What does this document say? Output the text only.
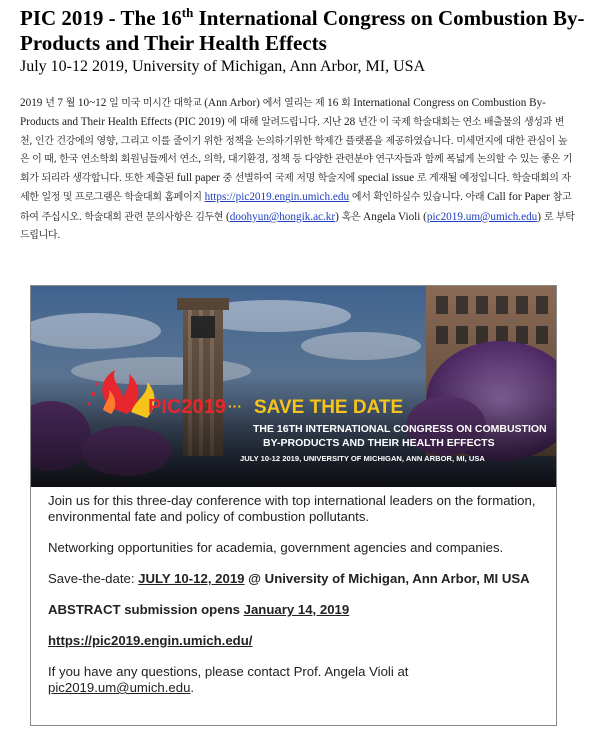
PIC 2019 - The 16th International Congress on Combustion By-Products and Their Health Effects
July 10-12 2019, University of Michigan, Ann Arbor, MI, USA
2019 년 7 월 10~12 일 미국 미시간 대학교 (Ann Arbor) 에서 열리는 제 16 회 International Congress on Combustion By-Products and Their Health Effects (PIC 2019) 에 대해 알려드립니다. 지난 28 년간 이 국제 학술대회는 연소 배출물의 생성과 변천, 인간 건강에의 영향, 그리고 이를 줄이기 위한 정책을 논의하기위한 학제간 플랫폼을 제공하였습니다. 미세먼지에 대한 관심이 높은 이 때, 한국 연소학회 회원님들께서 연소, 의학, 대기환경, 정책 등 다양한 관련분야 연구자들과 함께 폭넓게 논의할 수 있는 좋은 기회가 되리라 생각합니다. 또한 제출된 full paper 중 선별하여 국제 저명 학술지에 special issue 로 게재될 예정입니다. 학술대회의 자세한 일정 및 프로그램은 학술대회 홈페이지 https://pic2019.engin.umich.edu 에서 확인하실수 있습니다. 아래 Call for Paper 참고하여 주십시오. 학술대회 관련 문의사항은 김두현 (doohyun@hongik.ac.kr) 혹은 Angela Violi (pic2019.um@umich.edu) 로 부탁드립니다.
PIC2019 ··· SAVE THE DATE
THE 16TH INTERNATIONAL CONGRESS ON COMBUSTION
BY-PRODUCTS AND THEIR HEALTH EFFECTS
JULY 10-12 2019, UNIVERSITY OF MICHIGAN, ANN ARBOR, MI, USA

Join us for this three-day conference with top international leaders on the formation, environmental fate and policy of combustion pollutants.

Networking opportunities for academia, government agencies and companies.

Save-the-date: JULY 10-12, 2019 @ University of Michigan, Ann Arbor, MI USA

ABSTRACT submission opens January 14, 2019

https://pic2019.engin.umich.edu/

If you have any questions, please contact Prof. Angela Violi at pic2019.um@umich.edu.
